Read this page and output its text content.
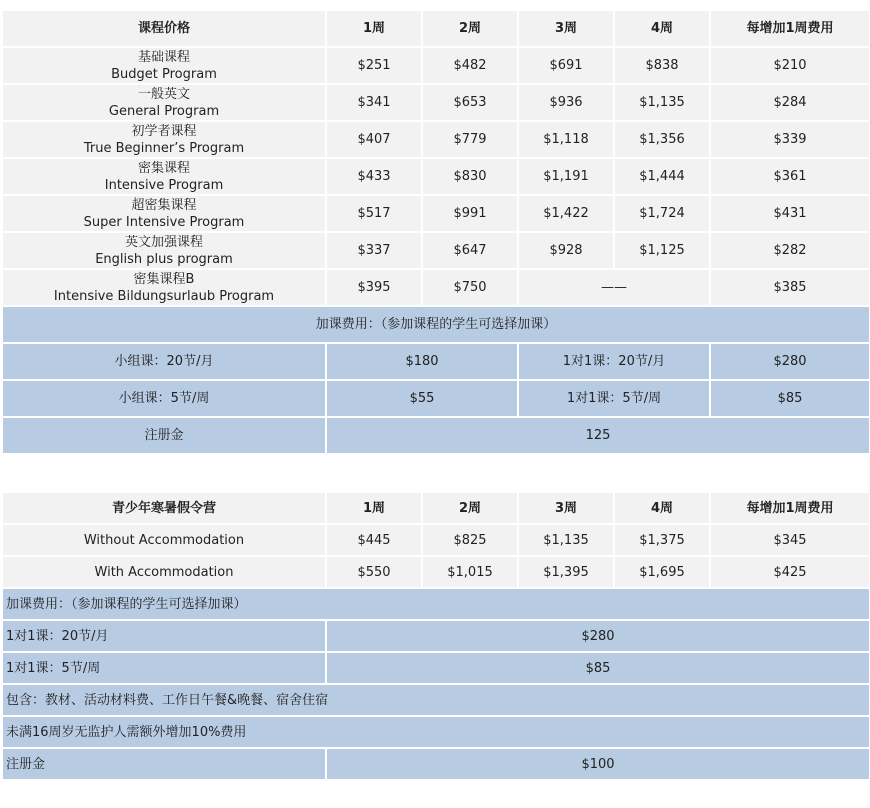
课程价格	1周	2周	3周	4周	每增加1周费用

基础课程
Budget Program	$251	$482	$691	$838	$210

一般英文
General Program	$341	$653	$936	$1,135	$284

初学者课程
True Beginner’s Program	$407	$779	$1,118	$1,356	$339

密集课程
Intensive Program	$433	$830	$1,191	$1,444	$361

超密集课程
Super Intensive Program	$517	$991	$1,422	$1,724	$431

英文加强课程
English plus program	$337	$647	$928	$1,125	$282

密集课程B
Intensive Bildungsurlaub Program	$395	$750	——		$385
加课费用：（参加课程的学生可选择加课）					
小组课：20节/月	$180		1对1课：20节/月		$280
小组课：5节/周	$55		1对1课：5节/周		$85
注册金	125				
青少年寒暑假令营	1周	2周	3周	4周	每增加1周费用
Without Accommodation	$445	$825	$1,135	$1,375	$345
With Accommodation	$550	$1,015	$1,395	$1,695	$425
加课费用：（参加课程的学生可选择加课）					
1对1课：20节/月	$280				
1对1课：5节/周	$85				
包含：教材、活动材料费、工作日午餐&晚餐、宿舍住宿					
未满16周岁无监护人需额外增加10%费用					
注册金	$100				
